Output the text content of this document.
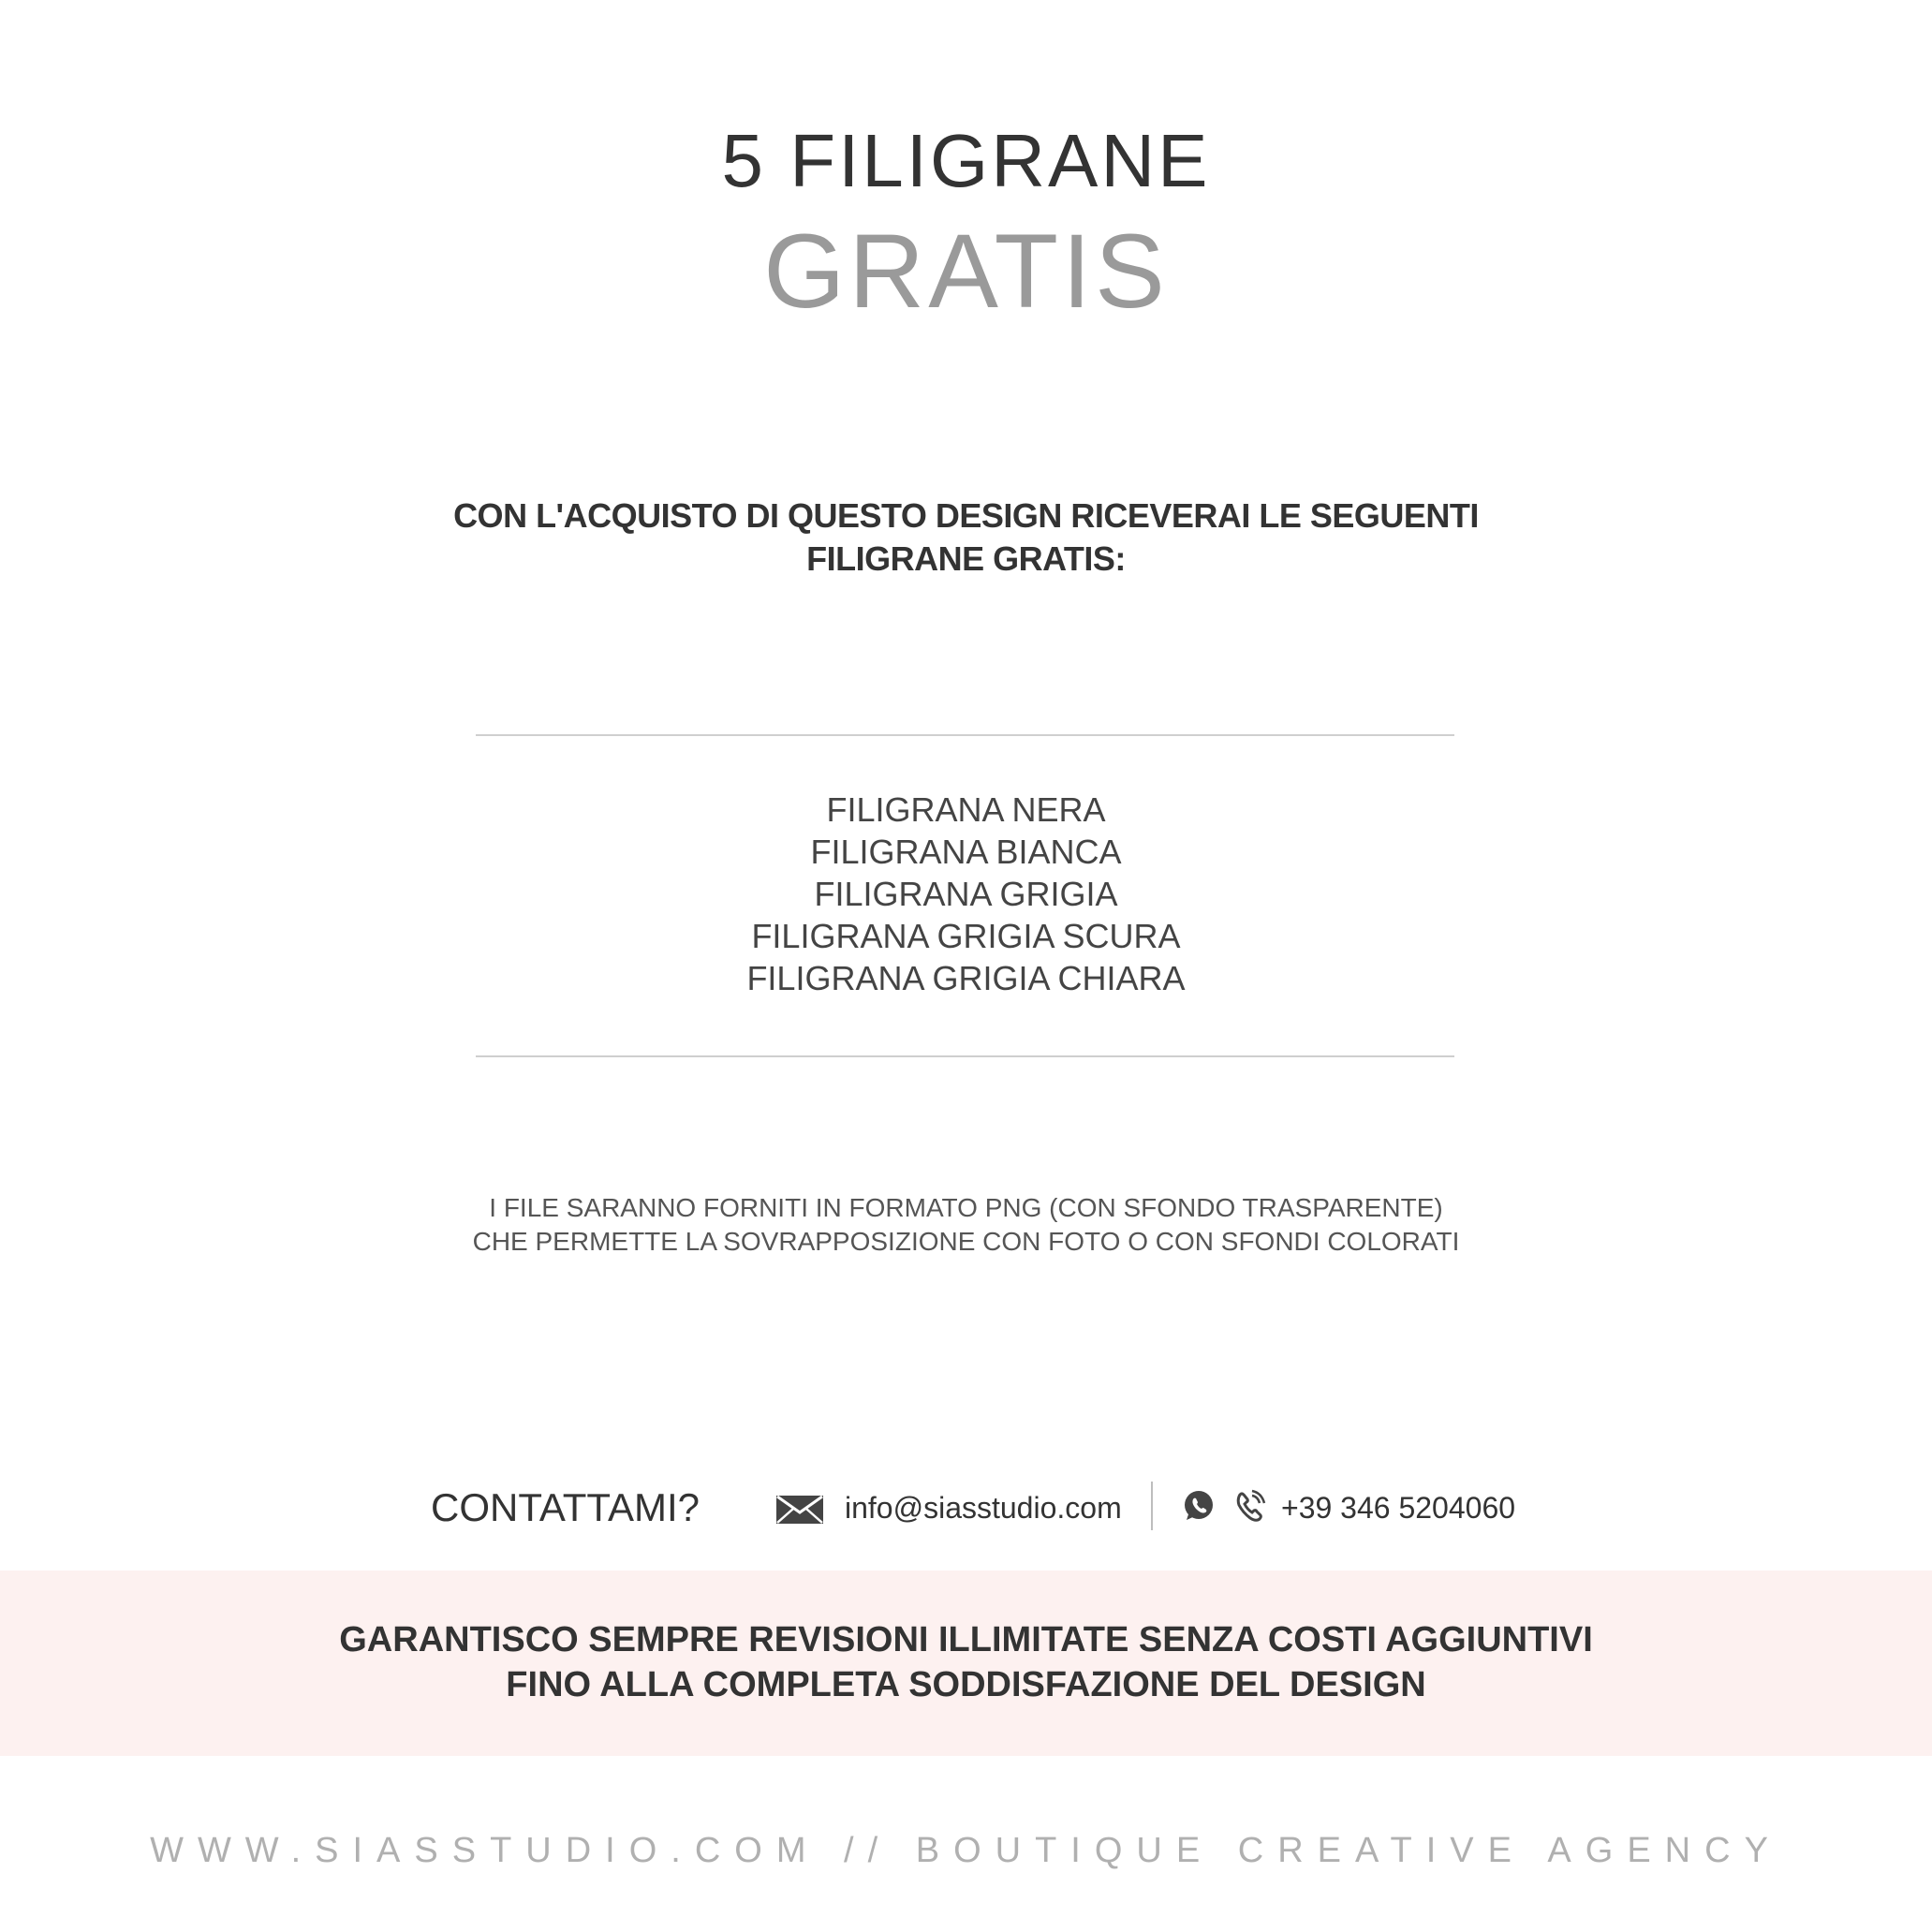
5 FILIGRANE
GRATIS
CON L'ACQUISTO DI QUESTO DESIGN RICEVERAI LE SEGUENTI
FILIGRANE GRATIS:
FILIGRANA NERA
FILIGRANA BIANCA
FILIGRANA GRIGIA
FILIGRANA GRIGIA SCURA
FILIGRANA GRIGIA CHIARA
I FILE SARANNO FORNITI IN FORMATO PNG (CON SFONDO TRASPARENTE)
CHE PERMETTE LA SOVRAPPOSIZIONE CON FOTO O CON SFONDI COLORATI
CONTATTAMI?	info@siasstudio.com	+39 346 5204060
GARANTISCO SEMPRE REVISIONI ILLIMITATE SENZA COSTI AGGIUNTIVI
FINO ALLA COMPLETA SODDISFAZIONE DEL DESIGN
WWW.SIASSTUDIO.COM // BOUTIQUE CREATIVE AGENCY
